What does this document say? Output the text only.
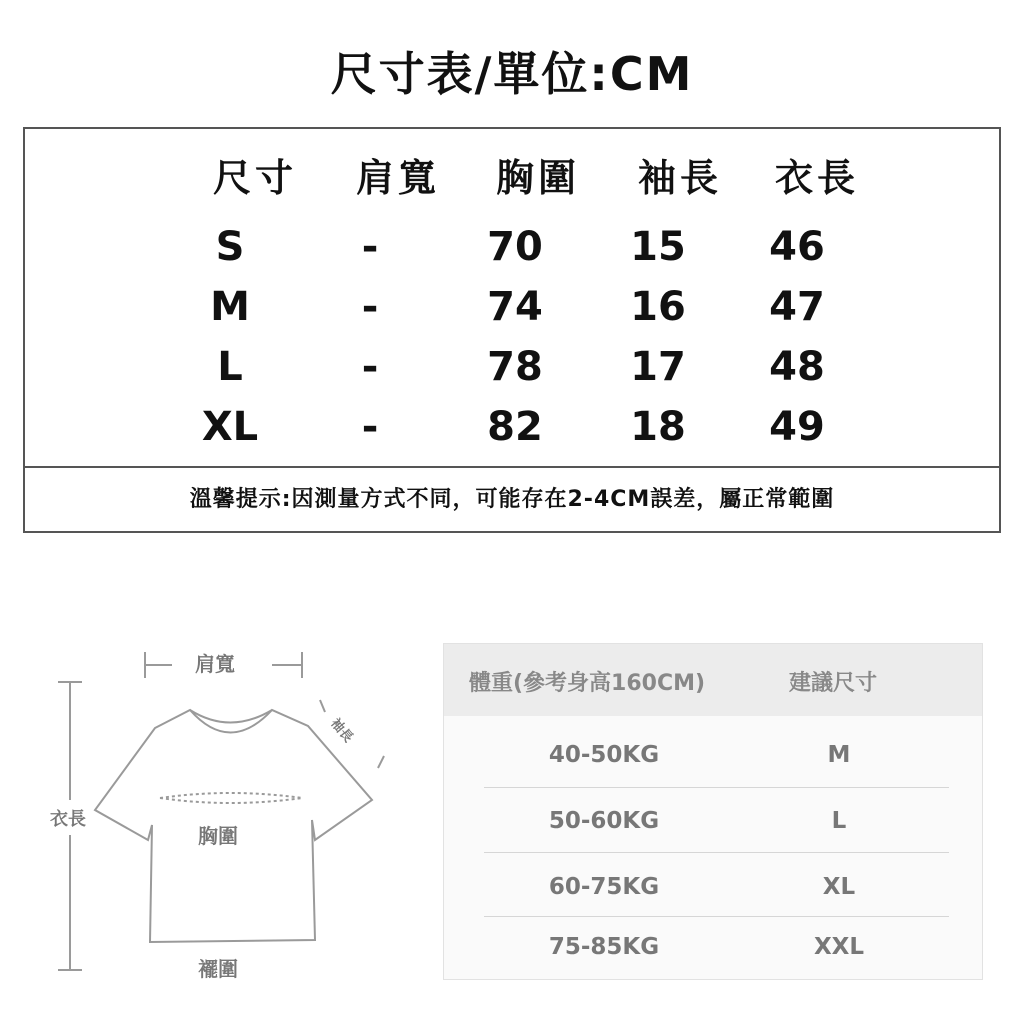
尺寸表/單位:CM
尺寸	肩寬	胸圍	袖長	衣長
S	-	70	15	46
M	-	74	16	47
L	-	78	17	48
XL	-	82	18	49
溫馨提示:因測量方式不同，可能存在2-4CM誤差，屬正常範圍
肩寬
袖長
衣長
胸圍
襬圍
體重(參考身高160CM)	建議尺寸
40-50KG	M
50-60KG	L
60-75KG	XL
75-85KG	XXL
